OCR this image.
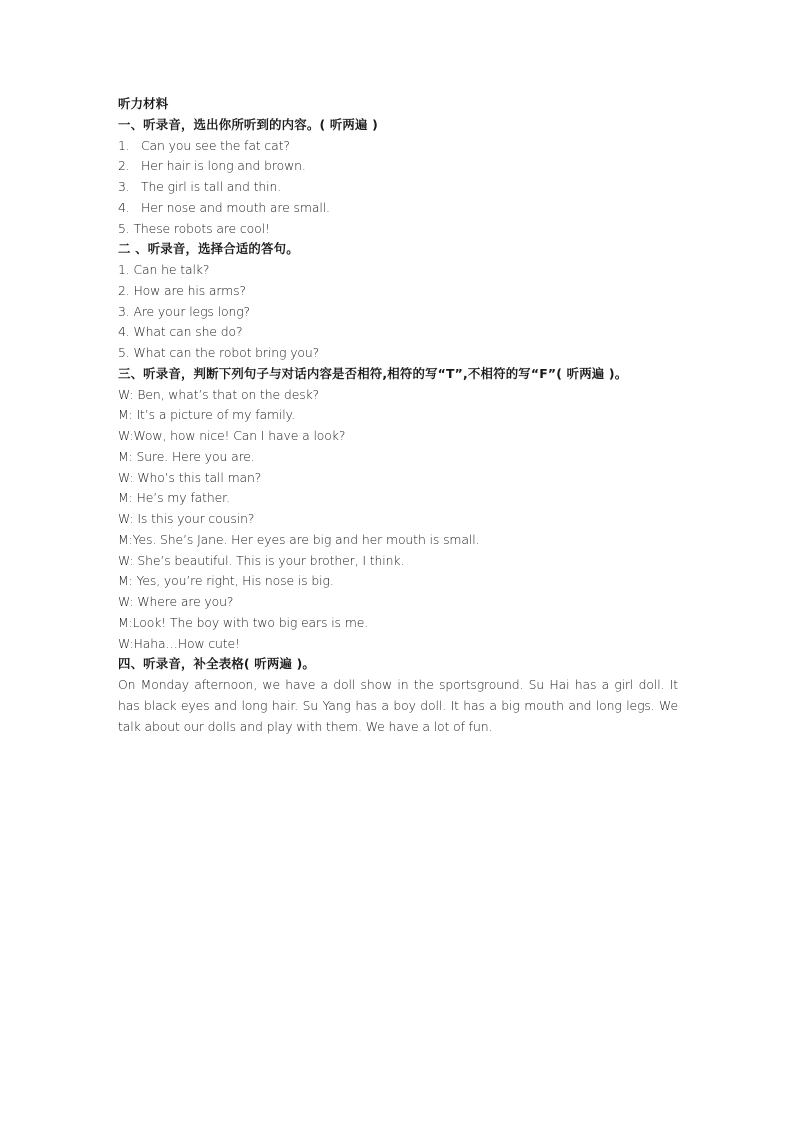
听力材料
一、听录音，选出你所听到的内容。( 听两遍 )
1. Can you see the fat cat?
2. Her hair is long and brown.
3. The girl is tall and thin.
4. Her nose and mouth are small.
5. These robots are cool!
二 、听录音，选择合适的答句。
1. Can he talk?
2. How are his arms?
3. Are your legs long?
4. What can she do?
5. What can the robot bring you?
三、听录音，判断下列句子与对话内容是否相符,相符的写“T”,不相符的写“F”( 听两遍 )。
W: Ben, what’s that on the desk?
M: It’s a picture of my family.
W:Wow, how nice! Can I have a look?
M: Sure. Here you are.
W: Who’s this tall man?
M: He’s my father.
W: Is this your cousin?
M:Yes. She’s Jane. Her eyes are big and her mouth is small.
W: She’s beautiful. This is your brother, I think.
M: Yes, you’re right, His nose is big.
W: Where are you?
M:Look! The boy with two big ears is me.
W:Haha…How cute!
四、听录音，补全表格( 听两遍 )。
On Monday afternoon, we have a doll show in the sportsground. Su Hai has a girl doll. It has black eyes and long hair. Su Yang has a boy doll. It has a big mouth and long legs. We talk about our dolls and play with them. We have a lot of fun.
